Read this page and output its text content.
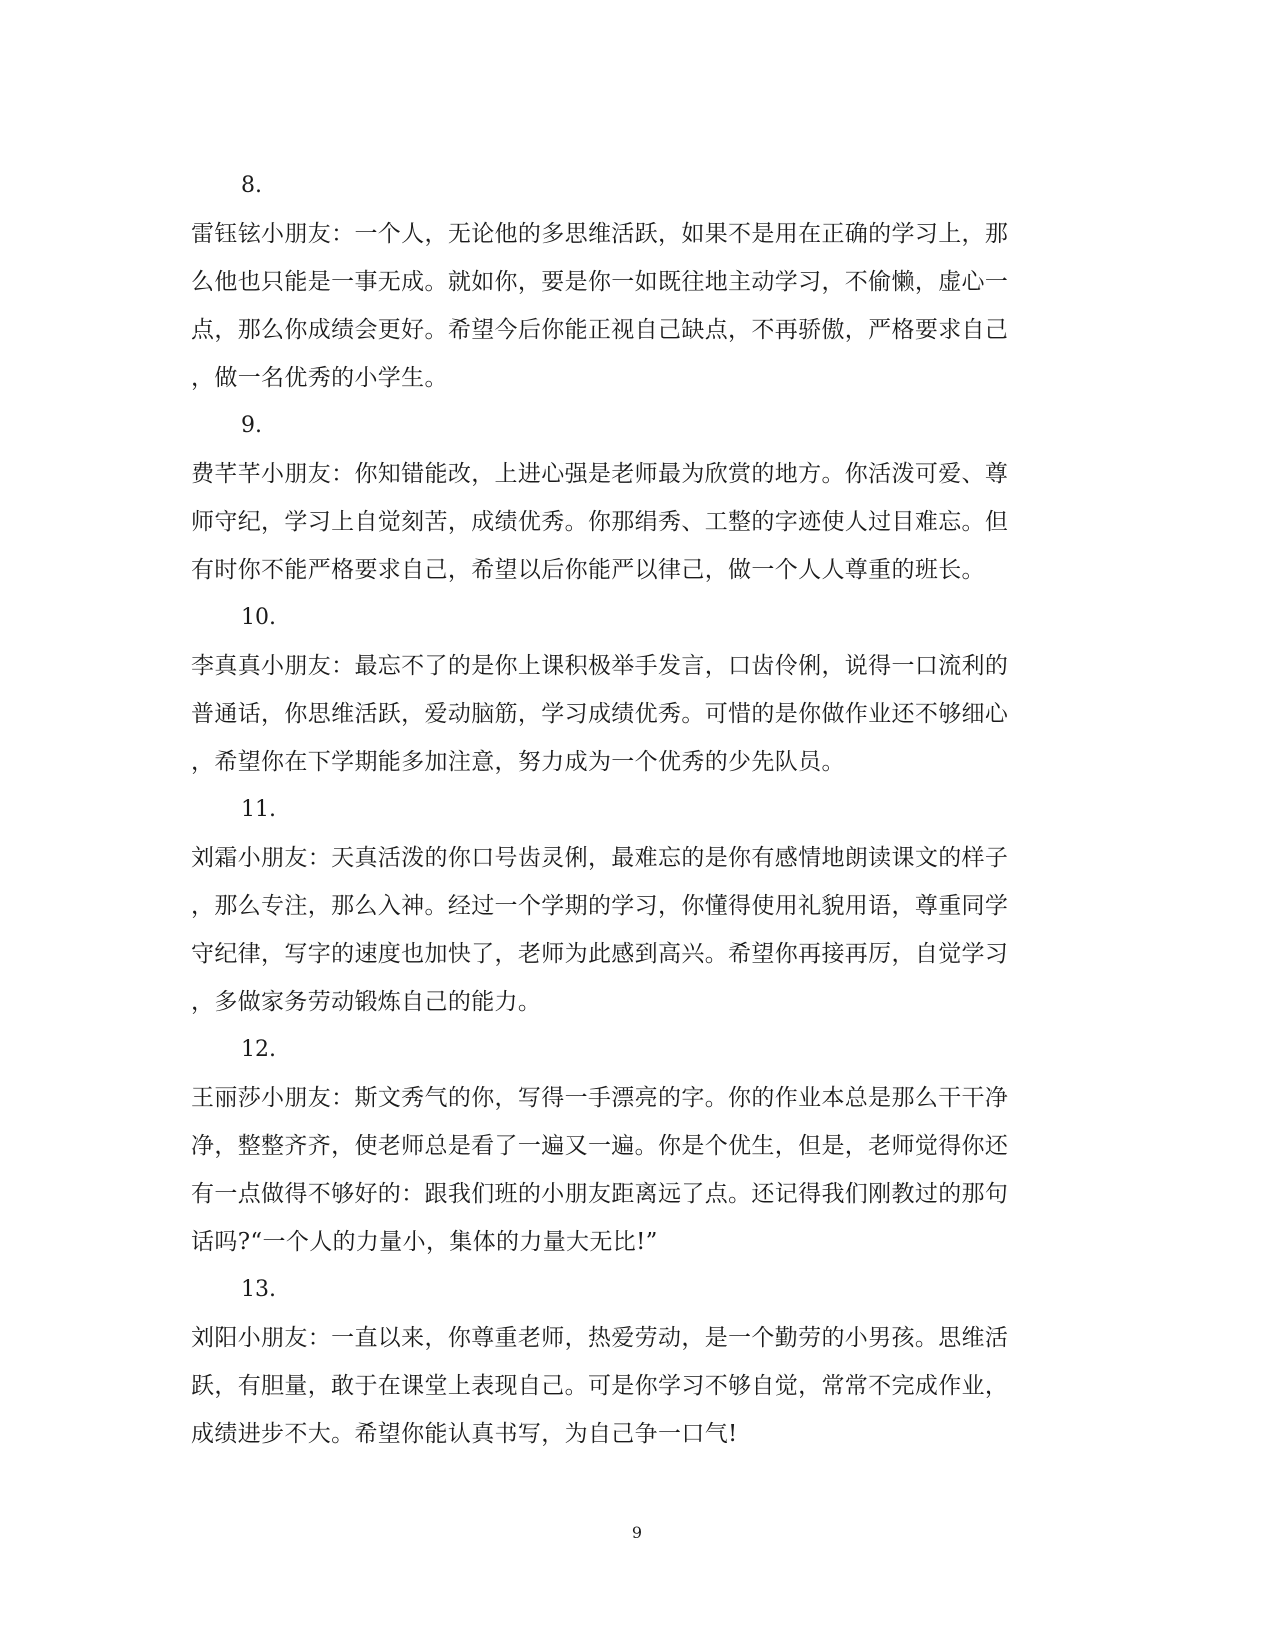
8.
雷钰铉小朋友：一个人，无论他的多思维活跃，如果不是用在正确的学习上，那
么他也只能是一事无成。就如你，要是你一如既往地主动学习，不偷懒，虚心一
点，那么你成绩会更好。希望今后你能正视自己缺点，不再骄傲，严格要求自己
，做一名优秀的小学生。
9.
费芊芊小朋友：你知错能改，上进心强是老师最为欣赏的地方。你活泼可爱、尊
师守纪，学习上自觉刻苦，成绩优秀。你那绢秀、工整的字迹使人过目难忘。但
有时你不能严格要求自己，希望以后你能严以律己，做一个人人尊重的班长。
10.
李真真小朋友：最忘不了的是你上课积极举手发言，口齿伶俐，说得一口流利的
普通话，你思维活跃，爱动脑筋，学习成绩优秀。可惜的是你做作业还不够细心
，希望你在下学期能多加注意，努力成为一个优秀的少先队员。
11.
刘霜小朋友：天真活泼的你口号齿灵俐，最难忘的是你有感情地朗读课文的样子
，那么专注，那么入神。经过一个学期的学习，你懂得使用礼貌用语，尊重同学
守纪律，写字的速度也加快了，老师为此感到高兴。希望你再接再厉，自觉学习
，多做家务劳动锻炼自己的能力。
12.
王丽莎小朋友：斯文秀气的你，写得一手漂亮的字。你的作业本总是那么干干净
净，整整齐齐，使老师总是看了一遍又一遍。你是个优生，但是，老师觉得你还
有一点做得不够好的：跟我们班的小朋友距离远了点。还记得我们刚教过的那句
话吗?“一个人的力量小，集体的力量大无比!”
13.
刘阳小朋友：一直以来，你尊重老师，热爱劳动，是一个勤劳的小男孩。思维活
跃，有胆量，敢于在课堂上表现自己。可是你学习不够自觉，常常不完成作业，
成绩进步不大。希望你能认真书写，为自己争一口气!
9
